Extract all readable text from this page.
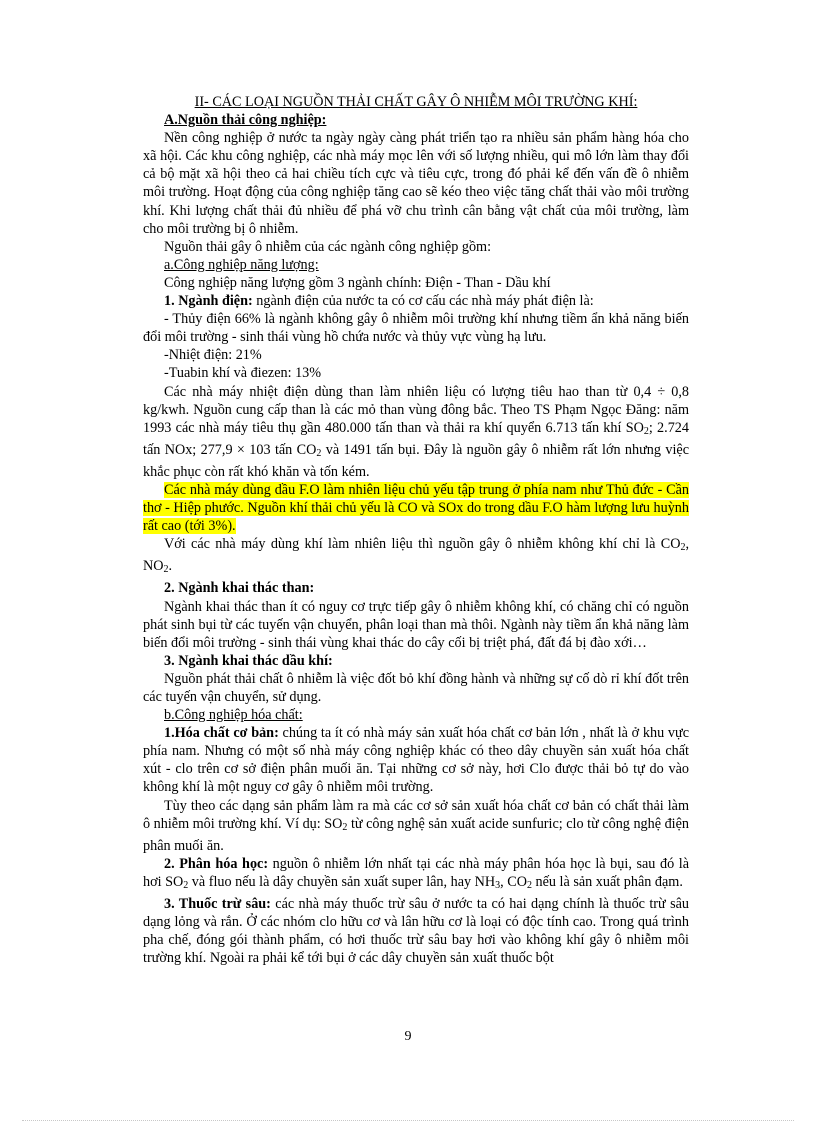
II- CÁC LOẠI NGUỒN THẢI CHẤT GÂY Ô NHIỄM MÔI TRƯỜNG KHÍ:

A.Nguồn thải công nghiệp:

Nền công nghiệp ở nước ta ngày ngày càng phát triển tạo ra nhiều sản phẩm hàng hóa cho xã hội. Các khu công nghiệp, các nhà máy mọc lên với số lượng nhiều, qui mô lớn làm thay đổi cả bộ mặt xã hội theo cả hai chiều tích cực và tiêu cực, trong đó phải kể đến vấn đề ô nhiễm môi trường. Hoạt động của công nghiệp tăng cao sẽ kéo theo việc tăng chất thải vào môi trường khí. Khi lượng chất thải đủ nhiều để phá vỡ chu trình cân bằng vật chất của môi trường, làm cho môi trường bị ô nhiễm.

Nguồn thải gây ô nhiễm của các ngành công nghiệp gồm:

a.Công nghiệp năng lượng:

Công nghiệp năng lượng gồm 3 ngành chính: Điện - Than - Dầu khí

1. Ngành điện: ngành điện của nước ta có cơ cấu các nhà máy phát điện là:

- Thủy điện 66% là ngành không gây ô nhiễm môi trường khí nhưng tiềm ẩn khả năng biến đổi môi trường - sinh thái vùng hồ chứa nước và thủy vực vùng hạ lưu.

-Nhiệt điện: 21%

-Tuabin khí và điezen: 13%

Các nhà máy nhiệt điện dùng than làm nhiên liệu có lượng tiêu hao than từ 0,4 ÷ 0,8 kg/kwh. Nguồn cung cấp than là các mỏ than vùng đông bắc. Theo TS Phạm Ngọc Đăng: năm 1993 các nhà máy tiêu thụ gần 480.000 tấn than và thải ra khí quyển 6.713 tấn khí $SO_2$; 2.724 tấn NOx; 277,9 × 103 tấn $CO_2$ và 1491 tấn bụi. Đây là nguồn gây ô nhiễm rất lớn nhưng việc khắc phục còn rất khó khăn và tốn kém.

Các nhà máy dùng dầu F.O làm nhiên liệu chủ yếu tập trung ở phía nam như Thủ đức - Cần thơ - Hiệp phước. Nguồn khí thải chủ yếu là CO và SOx do trong dầu F.O hàm lượng lưu huỳnh rất cao (tới 3%).

Với các nhà máy dùng khí làm nhiên liệu thì nguồn gây ô nhiễm không khí chỉ là $CO_2$, $NO_2$.

2. Ngành khai thác than:

Ngành khai thác than ít có nguy cơ trực tiếp gây ô nhiễm không khí, có chăng chỉ có nguồn phát sinh bụi từ các tuyến vận chuyển, phân loại than mà thôi. Ngành này tiềm ẩn khả năng làm biến đổi môi trường - sinh thái vùng khai thác do cây cối bị triệt phá, đất đá bị đào xới…

3. Ngành khai thác dầu khí:

Nguồn phát thải chất ô nhiễm là việc đốt bỏ khí đồng hành và những sự cố dò rỉ khí đốt trên các tuyến vận chuyển, sử dụng.

b.Công nghiệp hóa chất:

1.Hóa chất cơ bản: chúng ta ít có nhà máy sản xuất hóa chất cơ bản lớn , nhất là ở khu vực phía nam. Nhưng có một số nhà máy công nghiệp khác có theo dây chuyền sản xuất hóa chất xút - clo trên cơ sở điện phân muối ăn. Tại những cơ sở này, hơi Clo được thải bỏ tự do vào không khí là một nguy cơ gây ô nhiễm môi trường.

Tùy theo các dạng sản phẩm làm ra mà các cơ sở sản xuất hóa chất cơ bản có chất thải làm ô nhiễm môi trường khí. Ví dụ: $SO_2$ từ công nghệ sản xuất acide sunfuric; clo từ công nghệ điện phân muối ăn.

2. Phân hóa học: nguồn ô nhiễm lớn nhất tại các nhà máy phân hóa học là bụi, sau đó là hơi $SO_2$ và fluo nếu là dây chuyền sản xuất super lân, hay $NH_3$, $CO_2$ nếu là sản xuất phân đạm.

3. Thuốc trừ sâu: các nhà máy thuốc trừ sâu ở nước ta có hai dạng chính là thuốc trừ sâu dạng lỏng và rắn. Ở các nhóm clo hữu cơ và lân hữu cơ là loại có độc tính cao. Trong quá trình pha chế, đóng gói thành phẩm, có hơi thuốc trừ sâu bay hơi vào không khí gây ô nhiễm môi trường khí. Ngoài ra phải kể tới bụi ở các dây chuyền sản xuất thuốc bột

9
